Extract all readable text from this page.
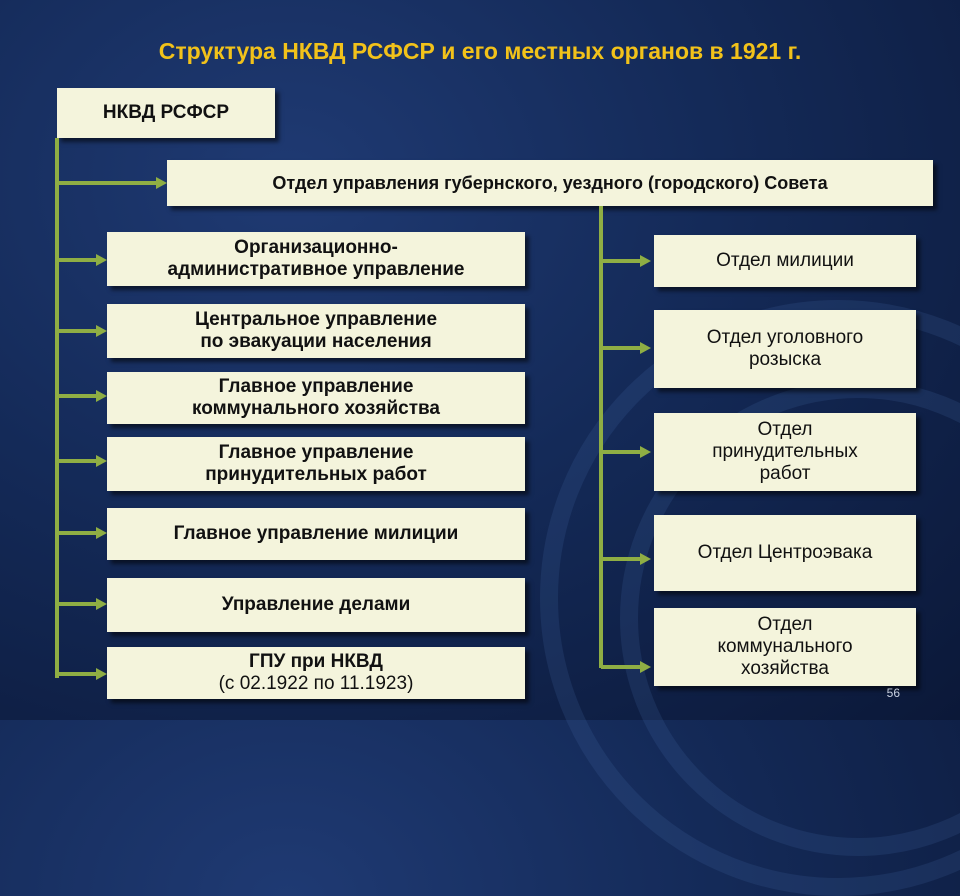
Структура НКВД РСФСР и его местных органов в 1921 г.
НКВД РСФСР
Отдел управления губернского, уездного (городского) Совета
Организационно-
административное управление
Центральное управление
по эвакуации населения
Главное управление
коммунального хозяйства
Главное управление
принудительных работ
Главное управление милиции
Управление делами
ГПУ при НКВД
(с 02.1922 по 11.1923)
Отдел милиции
Отдел уголовного
розыска
Отдел
принудительных
работ
Отдел Центроэвака
Отдел
коммунального
хозяйства
56
